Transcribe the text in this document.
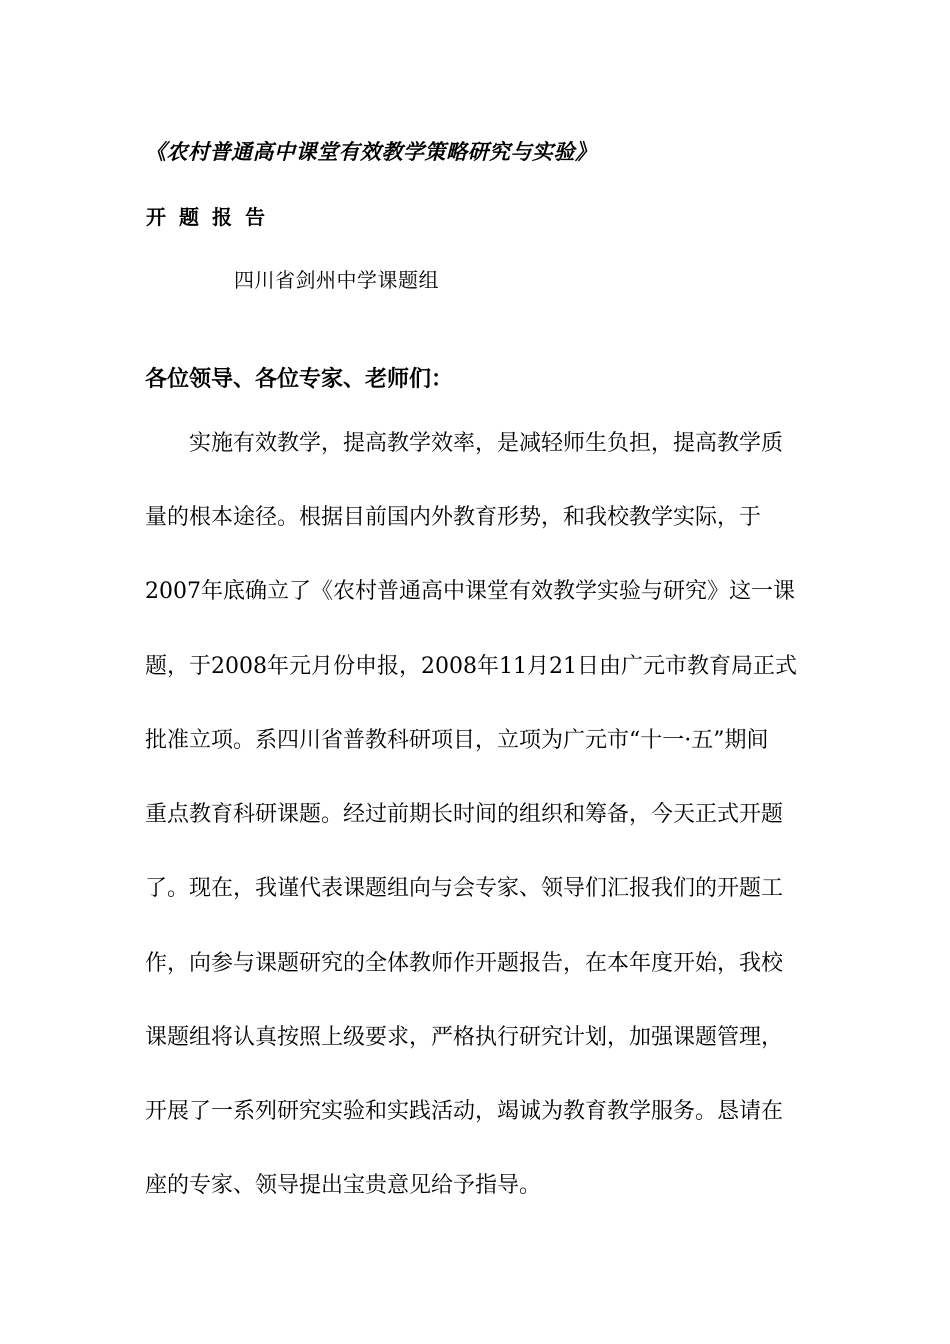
《农村普通高中课堂有效教学策略研究与实验》
开题报告
四川省剑州中学课题组
各位领导、各位专家、老师们：
实施有效教学，提高教学效率，是减轻师生负担，提高教学质
量的根本途径。根据目前国内外教育形势，和我校教学实际，于
2007年底确立了《农村普通高中课堂有效教学实验与研究》这一课
题，于2008年元月份申报，2008年11月21日由广元市教育局正式
批准立项。系四川省普教科研项目，立项为广元市“十一·五”期间
重点教育科研课题。经过前期长时间的组织和筹备，今天正式开题
了。现在，我谨代表课题组向与会专家、领导们汇报我们的开题工
作，向参与课题研究的全体教师作开题报告，在本年度开始，我校
课题组将认真按照上级要求，严格执行研究计划，加强课题管理，
开展了一系列研究实验和实践活动，竭诚为教育教学服务。恳请在
座的专家、领导提出宝贵意见给予指导。
